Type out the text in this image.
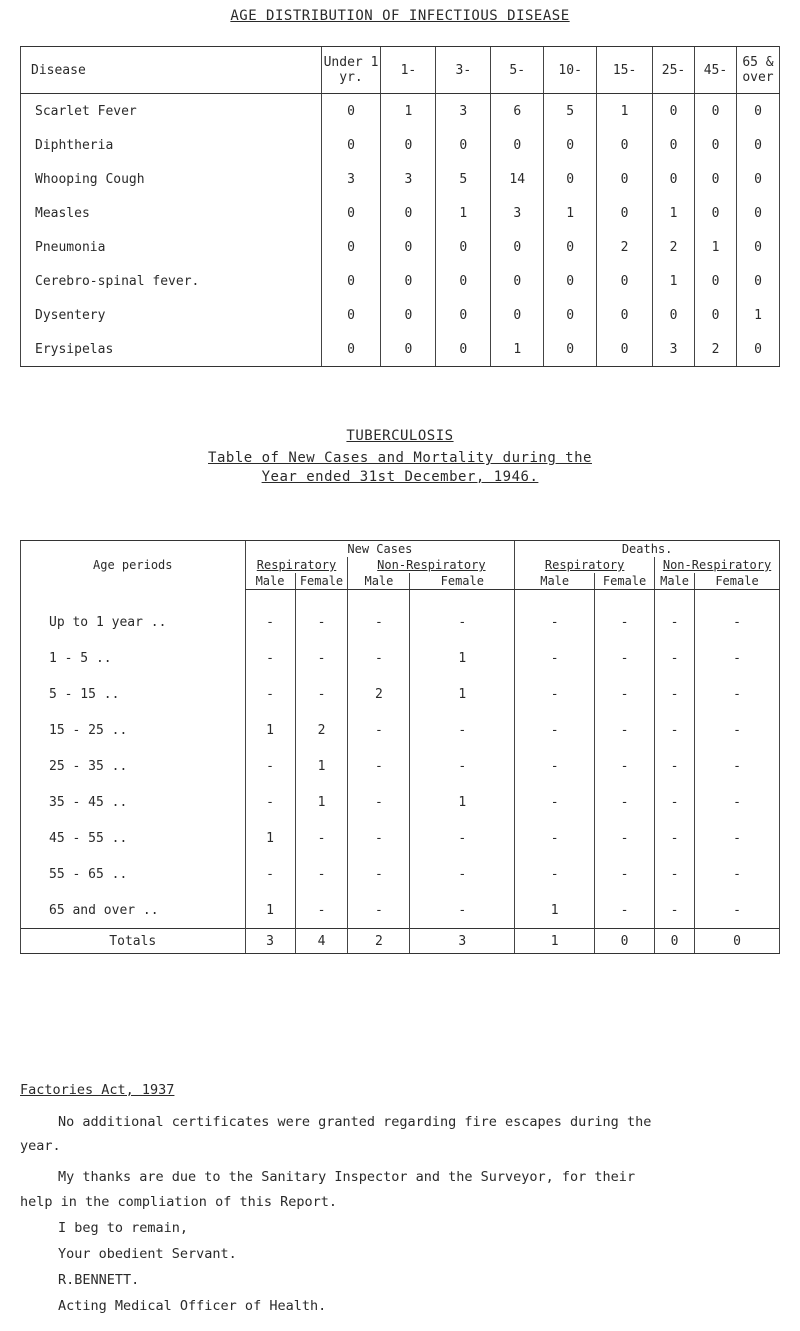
AGE DISTRIBUTION OF INFECTIOUS DISEASE
Disease	Under 1 yr.	1-	3-	5-	10-	15-	25-	45-	65 & over
Scarlet Fever	0	1	3	6	5	1	0	0	0
Diphtheria	0	0	0	0	0	0	0	0	0
Whooping Cough	3	3	5	14	0	0	0	0	0
Measles	0	0	1	3	1	0	1	0	0
Pneumonia	0	0	0	0	0	2	2	1	0
Cerebro-spinal fever.	0	0	0	0	0	0	1	0	0
Dysentery	0	0	0	0	0	0	0	0	1
Erysipelas	0	0	0	1	0	0	3	2	0
TUBERCULOSIS
Table of New Cases and Mortality during the
Year ended 31st December, 1946.
Age periods	New Cases				Deaths.			
	Respiratory		Non-Respiratory		Respiratory		Non-Respiratory	
	Male	Female	Male	Female	Male	Female	Male	Female

Up to 1 year ..	-	-	-	-	-	-	-	-
1 - 5 ..	-	-	-	1	-	-	-	-
5 - 15 ..	-	-	2	1	-	-	-	-
15 - 25 ..	1	2	-	-	-	-	-	-
25 - 35 ..	-	1	-	-	-	-	-	-
35 - 45 ..	-	1	-	1	-	-	-	-
45 - 55 ..	1	-	-	-	-	-	-	-
55 - 65 ..	-	-	-	-	-	-	-	-
65 and over ..	1	-	-	-	1	-	-	-
Totals	3	4	2	3	1	0	0	0
Factories Act, 1937
No additional certificates were granted regarding fire escapes during the
year.
My thanks are due to the Sanitary Inspector and the Surveyor, for their
help in the compliation of this Report.
I beg to remain,
Your obedient Servant.
R.BENNETT.
Acting Medical Officer of Health.
